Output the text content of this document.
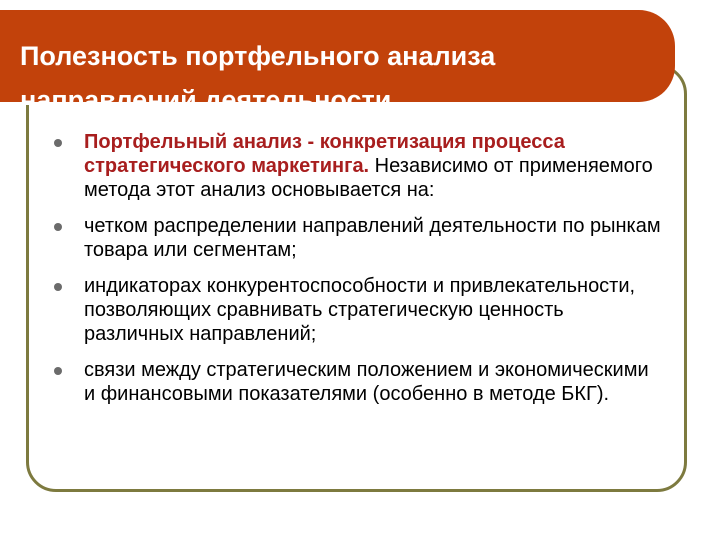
Полезность портфельного анализа
направлений деятельности
Портфельный анализ - конкретизация процесса стратегического маркетинга. Независимо от применяемого метода этот анализ основывается на:
четком распределении направлений деятельности по рынкам товара или сегментам;
индикаторах конкурентоспособности и привлекательности, позволяющих сравнивать стратегическую ценность различных направлений;
связи между стратегическим положением и экономическими и финансовыми показателями (особенно в методе БКГ).
